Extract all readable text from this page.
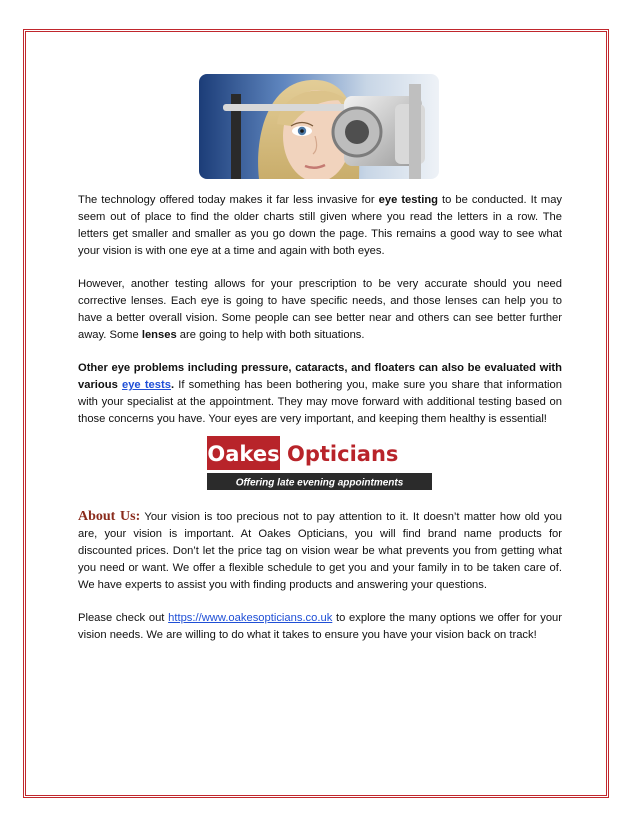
The technology offered today makes it far less invasive for eye testing to be conducted. It may seem out of place to find the older charts still given where you read the letters in a row. The letters get smaller and smaller as you go down the page. This remains a good way to see what your vision is with one eye at a time and again with both eyes.

However, another testing allows for your prescription to be very accurate should you need corrective lenses. Each eye is going to have specific needs, and those lenses can help you to have a better overall vision. Some people can see better near and others can see better further away. Some lenses are going to help with both situations.

Other eye problems including pressure, cataracts, and floaters can also be evaluated with various eye tests. If something has been bothering you, make sure you share that information with your specialist at the appointment. They may move forward with additional testing based on those concerns you have. Your eyes are very important, and keeping them healthy is essential!

Oakes Opticians
Offering late evening appointments

About Us: Your vision is too precious not to pay attention to it. It doesn’t matter how old you are, your vision is important. At Oakes Opticians, you will find brand name products for discounted prices. Don’t let the price tag on vision wear be what prevents you from getting what you need or want. We offer a flexible schedule to get you and your family in to be taken care of. We have experts to assist you with finding products and answering your questions.

Please check out https://www.oakesopticians.co.uk to explore the many options we offer for your vision needs. We are willing to do what it takes to ensure you have your vision back on track!
